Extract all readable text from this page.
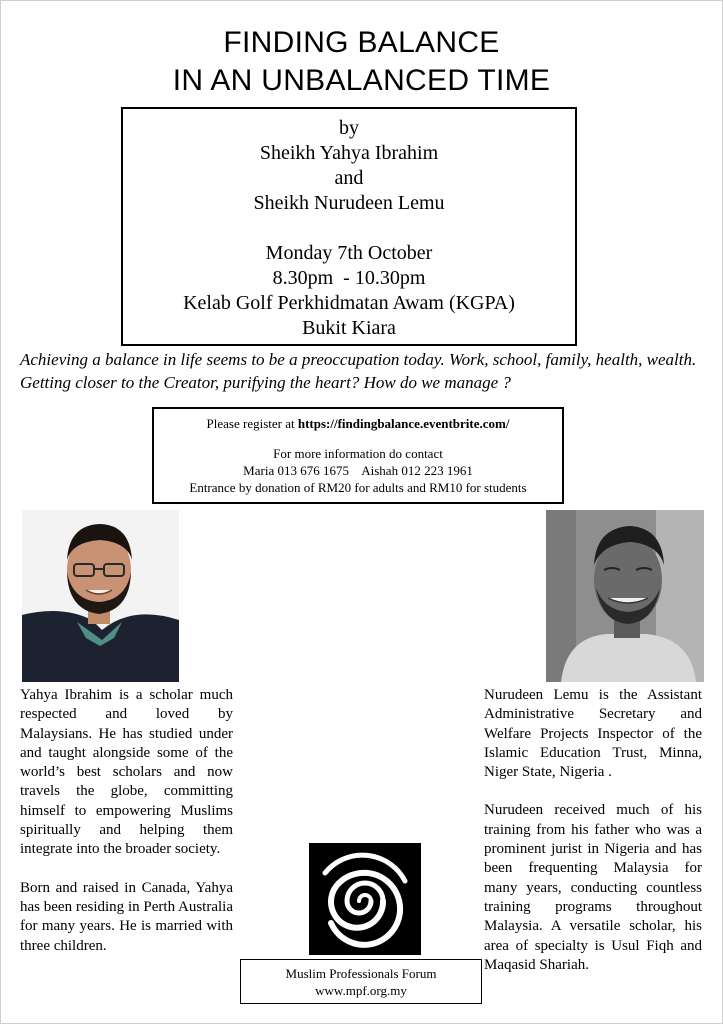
FINDING BALANCE
IN AN UNBALANCED TIME
by
Sheikh Yahya Ibrahim
and
Sheikh Nurudeen Lemu
Monday 7th October
8.30pm  - 10.30pm
Kelab Golf Perkhidmatan Awam (KGPA)
Bukit Kiara
Achieving a balance in life seems to be a preoccupation today. Work, school, family, health, wealth. Getting closer to the Creator, purifying the heart? How do we manage ?
Please register at https://findingbalance.eventbrite.com/
For more information do contact
Maria 013 676 1675    Aishah 012 223 1961
Entrance by donation of RM20 for adults and RM10 for students

Yahya Ibrahim is a scholar much respected and loved by Malaysians. He has studied under and taught alongside some of the world’s best scholars and now travels the globe, committing himself to empowering Muslims spiritually and helping them integrate into the broader society.

Born and raised in Canada, Yahya has been residing in Perth Australia for many years. He is married with three children.

Nurudeen Lemu is the Assistant Administrative Secretary and Welfare Projects Inspector of the Islamic Education Trust, Minna, Niger State, Nigeria .

Nurudeen received much of his training from his father who was a prominent jurist in Nigeria and has been frequenting Malaysia for many years, conducting countless training programs throughout Malaysia. A versatile scholar, his area of specialty is Usul Fiqh and Maqasid Shariah.

Muslim Professionals Forum
www.mpf.org.my
